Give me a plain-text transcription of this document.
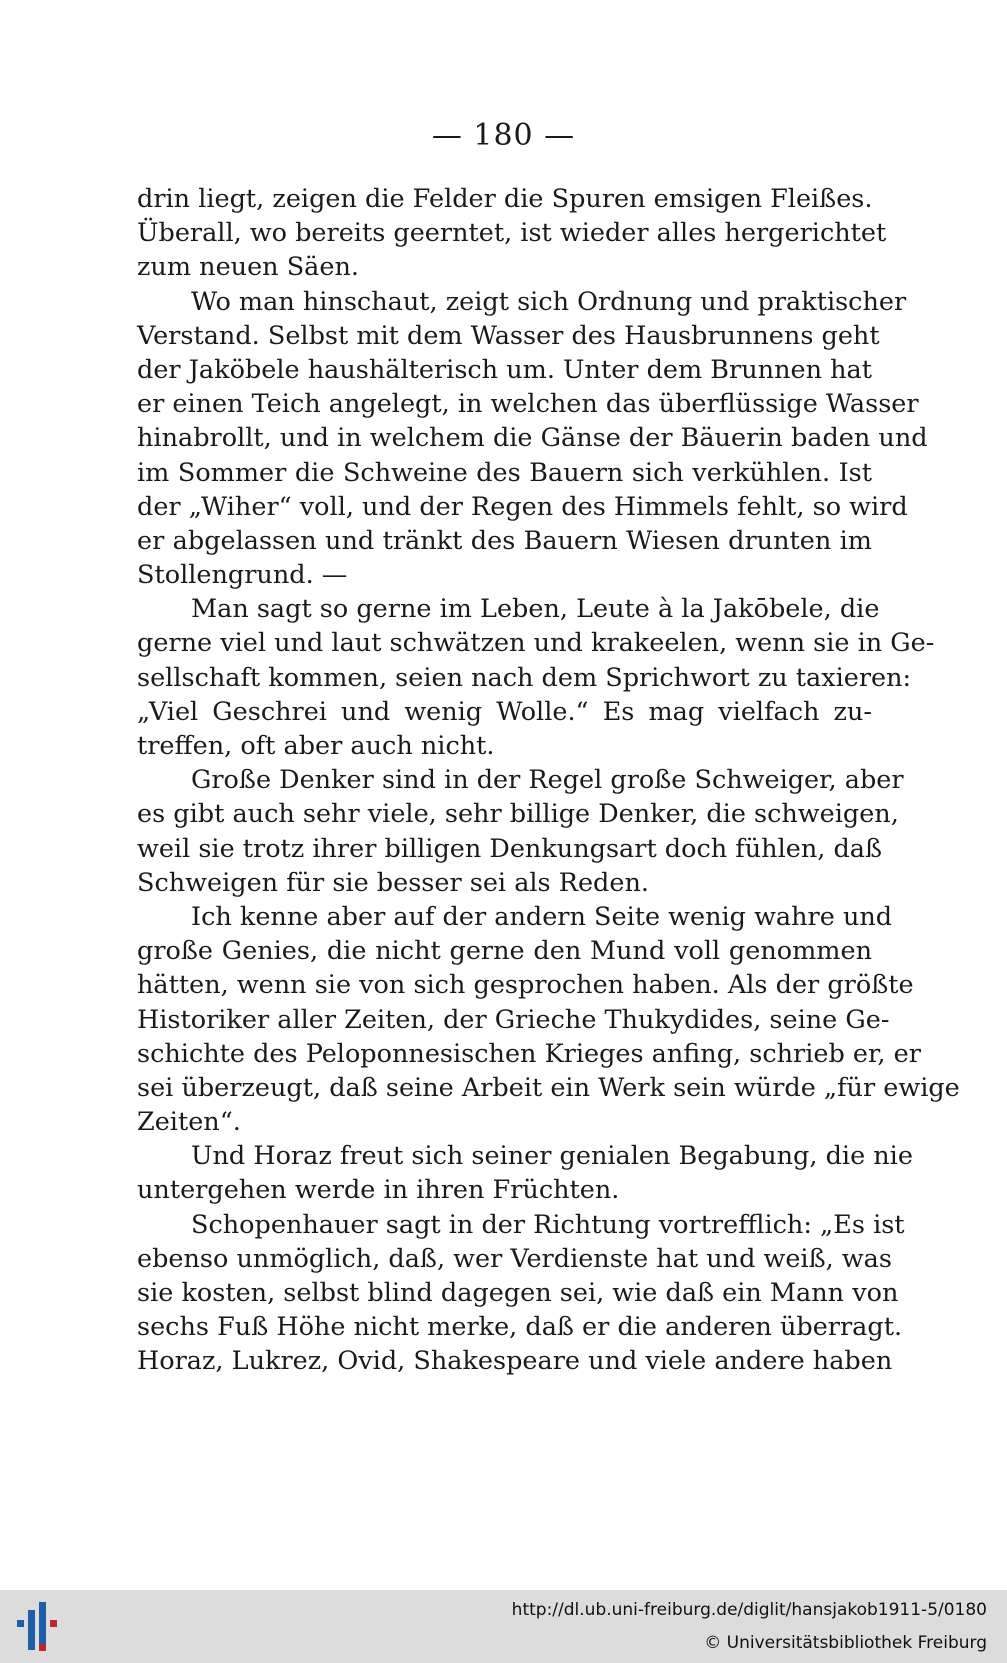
— 180 —
drin liegt, zeigen die Felder die Spuren emsigen Fleißes.
Überall, wo bereits geerntet, ist wieder alles hergerichtet
zum neuen Säen.
Wo man hinschaut, zeigt sich Ordnung und praktischer
Verstand. Selbst mit dem Wasser des Hausbrunnens geht
der Jaköbele haushälterisch um. Unter dem Brunnen hat
er einen Teich angelegt, in welchen das überflüssige Wasser
hinabrollt, und in welchem die Gänse der Bäuerin baden und
im Sommer die Schweine des Bauern sich verkühlen. Ist
der „Wiher“ voll, und der Regen des Himmels fehlt, so wird
er abgelassen und tränkt des Bauern Wiesen drunten im
Stollengrund. —
Man sagt so gerne im Leben, Leute à la Jakōbele, die
gerne viel und laut schwätzen und krakeelen, wenn sie in Ge-
sellschaft kommen, seien nach dem Sprichwort zu taxieren:
„Viel Geschrei und wenig Wolle.“ Es mag vielfach zu-
treffen, oft aber auch nicht.
Große Denker sind in der Regel große Schweiger, aber
es gibt auch sehr viele, sehr billige Denker, die schweigen,
weil sie trotz ihrer billigen Denkungsart doch fühlen, daß
Schweigen für sie besser sei als Reden.
Ich kenne aber auf der andern Seite wenig wahre und
große Genies, die nicht gerne den Mund voll genommen
hätten, wenn sie von sich gesprochen haben. Als der größte
Historiker aller Zeiten, der Grieche Thukydides, seine Ge-
schichte des Peloponnesischen Krieges anfing, schrieb er, er
sei überzeugt, daß seine Arbeit ein Werk sein würde „für ewige
Zeiten“.
Und Horaz freut sich seiner genialen Begabung, die nie
untergehen werde in ihren Früchten.
Schopenhauer sagt in der Richtung vortrefflich: „Es ist
ebenso unmöglich, daß, wer Verdienste hat und weiß, was
sie kosten, selbst blind dagegen sei, wie daß ein Mann von
sechs Fuß Höhe nicht merke, daß er die anderen überragt.
Horaz, Lukrez, Ovid, Shakespeare und viele andere haben
http://dl.ub.uni-freiburg.de/diglit/hansjakob1911-5/0180
© Universitätsbibliothek Freiburg
